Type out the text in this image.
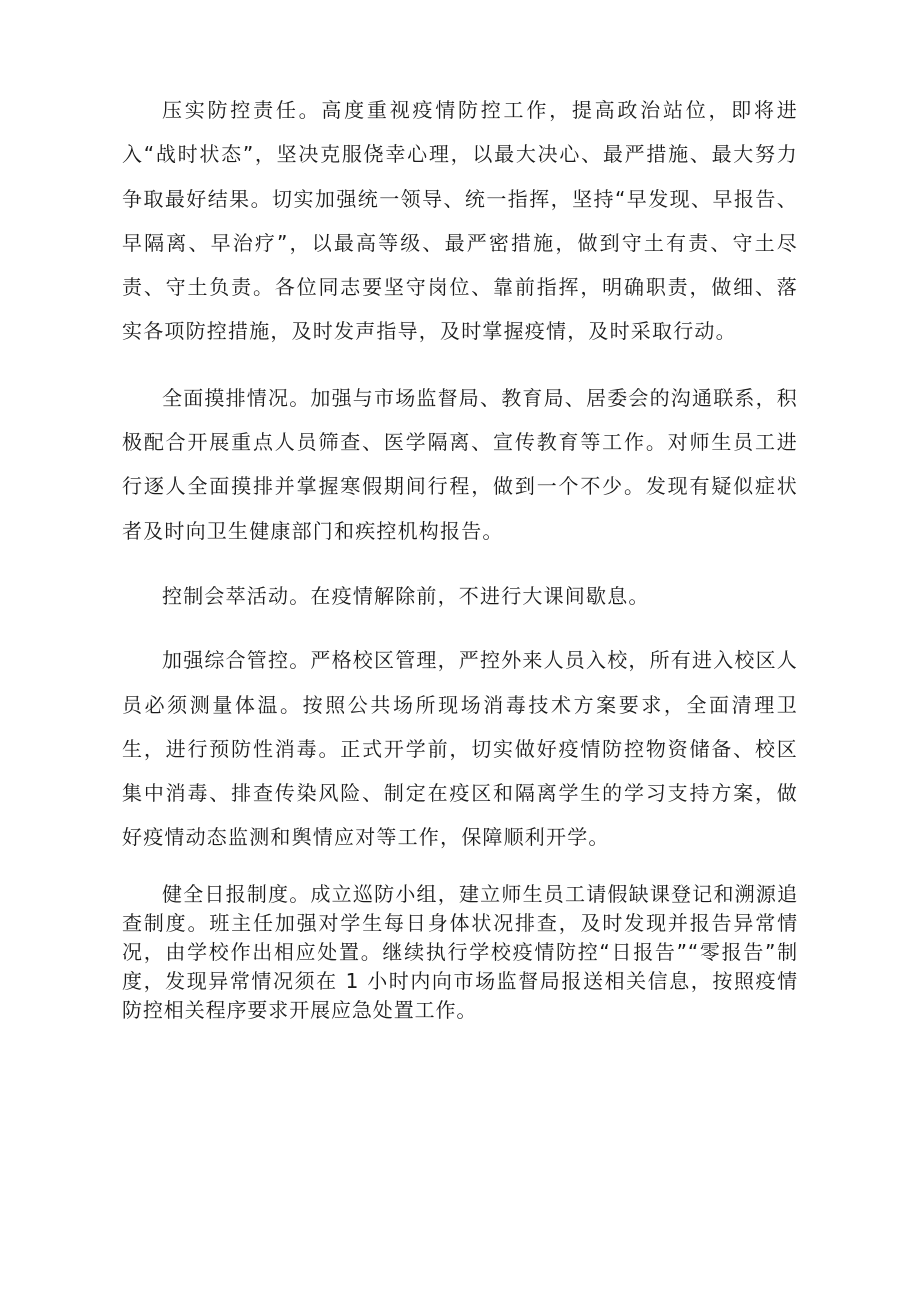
压实防控责任。高度重视疫情防控工作，提高政治站位，即将进入“战时状态”，坚决克服侥幸心理，以最大决心、最严措施、最大努力争取最好结果。切实加强统一领导、统一指挥，坚持“早发现、早报告、早隔离、早治疗”，以最高等级、最严密措施，做到守土有责、守土尽责、守土负责。各位同志要坚守岗位、靠前指挥，明确职责，做细、落实各项防控措施，及时发声指导，及时掌握疫情，及时采取行动。

全面摸排情况。加强与市场监督局、教育局、居委会的沟通联系，积极配合开展重点人员筛查、医学隔离、宣传教育等工作。对师生员工进行逐人全面摸排并掌握寒假期间行程，做到一个不少。发现有疑似症状者及时向卫生健康部门和疾控机构报告。

控制会萃活动。在疫情解除前，不进行大课间歇息。

加强综合管控。严格校区管理，严控外来人员入校，所有进入校区人员必须测量体温。按照公共场所现场消毒技术方案要求，全面清理卫生，进行预防性消毒。正式开学前，切实做好疫情防控物资储备、校区集中消毒、排查传染风险、制定在疫区和隔离学生的学习支持方案，做好疫情动态监测和舆情应对等工作，保障顺利开学。

健全日报制度。成立巡防小组，建立师生员工请假缺课登记和溯源追查制度。班主任加强对学生每日身体状况排查，及时发现并报告异常情况，由学校作出相应处置。继续执行学校疫情防控“日报告”“零报告”制度，发现异常情况须在 1 小时内向市场监督局报送相关信息，按照疫情防控相关程序要求开展应急处置工作。
